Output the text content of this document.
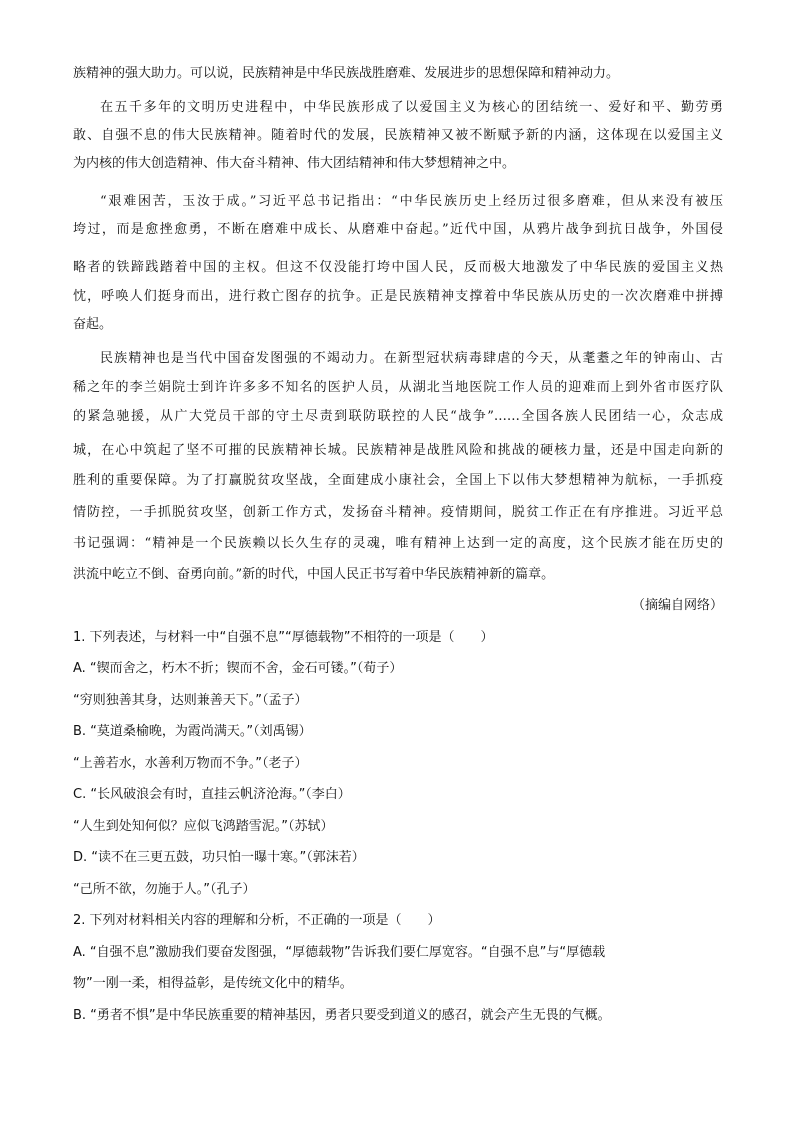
族精神的强大助力。可以说，民族精神是中华民族战胜磨难、发展进步的思想保障和精神动力。

在五千多年的文明历史进程中，中华民族形成了以爱国主义为核心的团结统一、爱好和平、勤劳勇

敢、自强不息的伟大民族精神。随着时代的发展，民族精神又被不断赋予新的内涵，这体现在以爱国主义

为内核的伟大创造精神、伟大奋斗精神、伟大团结精神和伟大梦想精神之中。

“艰难困苦，玉汝于成。”习近平总书记指出：“中华民族历史上经历过很多磨难，但从来没有被压

垮过，而是愈挫愈勇，不断在磨难中成长、从磨难中奋起。”近代中国，从鸦片战争到抗日战争，外国侵

略者的铁蹄践踏着中国的主权。但这不仅没能打垮中国人民，反而极大地激发了中华民族的爱国主义热

忱，呼唤人们挺身而出，进行救亡图存的抗争。正是民族精神支撑着中华民族从历史的一次次磨难中拼搏

奋起。

民族精神也是当代中国奋发图强的不竭动力。在新型冠状病毒肆虐的今天，从耄耋之年的钟南山、古

稀之年的李兰娟院士到许许多多不知名的医护人员，从湖北当地医院工作人员的迎难而上到外省市医疗队

的紧急驰援，从广大党员干部的守土尽责到联防联控的人民“战争”……全国各族人民团结一心，众志成

城，在心中筑起了坚不可摧的民族精神长城。民族精神是战胜风险和挑战的硬核力量，还是中国走向新的

胜利的重要保障。为了打赢脱贫攻坚战，全面建成小康社会，全国上下以伟大梦想精神为航标，一手抓疫

情防控，一手抓脱贫攻坚，创新工作方式，发扬奋斗精神。疫情期间，脱贫工作正在有序推进。习近平总

书记强调：“精神是一个民族赖以长久生存的灵魂，唯有精神上达到一定的高度，这个民族才能在历史的

洪流中屹立不倒、奋勇向前。”新的时代，中国人民正书写着中华民族精神新的篇章。

（摘编自网络）

1. 下列表述，与材料一中“自强不息”“厚德载物”不相符的一项是（　　）

A. “锲而舍之，朽木不折；锲而不舍，金石可镂。”（荀子）

“穷则独善其身，达则兼善天下。”（孟子）

B. “莫道桑榆晚，为霞尚满天。”（刘禹锡）

“上善若水，水善利万物而不争。”（老子）

C. “长风破浪会有时，直挂云帆济沧海。”（李白）

“人生到处知何似？应似飞鸿踏雪泥。”（苏轼）

D. “读不在三更五鼓，功只怕一曝十寒。”（郭沫若）

“己所不欲，勿施于人。”（孔子）

2. 下列对材料相关内容的理解和分析，不正确的一项是（　　）

A. “自强不息”激励我们要奋发图强，“厚德载物”告诉我们要仁厚宽容。“自强不息”与“厚德载

物”一刚一柔，相得益彰，是传统文化中的精华。

B. “勇者不惧”是中华民族重要的精神基因，勇者只要受到道义的感召，就会产生无畏的气概。
